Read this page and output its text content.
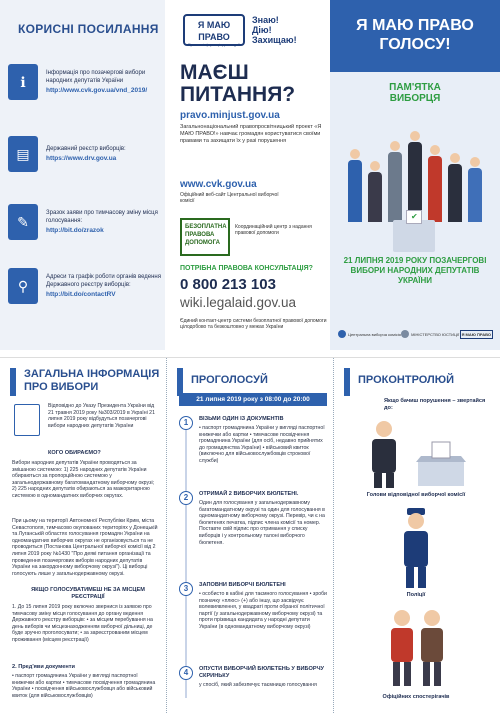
КОРИСНІ ПОСИЛАННЯ
ℹ
Інформація про позачергові вибори народних депутатів України
http://www.cvk.gov.ua/vnd_2019/
▤	Державний реєстр виборців:
https://www.drv.gov.ua
✎
Зразок заяви про тимчасову зміну місця голосування:
http://bit.do/zrazok
⚲
Адреси та графік роботи органів ведення Державного реєстру виборців:
http://bit.do/contactRV
Я МАЮ ПРАВО
Правова інформація для людей
Знаю!
Дію!
Захищаю!
МАЄШ
ПИТАННЯ?
pravo.minjust.gov.ua
Загальнонаціональний правопросвітницький проект «Я МАЮ ПРАВО!» навчає громадян користуватися своїми правами та захищати їх у разі порушення
www.cvk.gov.ua
Офіційний веб-сайт Центральної виборчої комісії
БЕЗОПЛАТНА ПРАВОВА ДОПОМОГА
Координаційний центр з надання правової допомоги
ПОТРІБНА ПРАВОВА КОНСУЛЬТАЦІЯ?
0 800 213 103
wiki.legalaid.gov.ua
Єдиний контакт-центр системи безоплатної правової допомоги цілодобово та безкоштовно у межах України
Я МАЮ ПРАВО
ГОЛОСУ!
ПАМ'ЯТКА
ВИБОРЦЯ
✔
21 ЛИПНЯ 2019 РОКУ ПОЗАЧЕРГОВІ ВИБОРИ НАРОДНИХ ДЕПУТАТІВ УКРАЇНИ
Центральна виборча комісія	МІНІСТЕРСТВО ЮСТИЦІЇ Я МАЮ ПРАВО
ЗАГАЛЬНА ІНФОРМАЦІЯ
ПРО ВИБОРИ
Відповідно до Указу Президента України від 21 травня 2019 року №303/2019 в Україні 21 липня 2019 року відбудуться позачергові вибори народних депутатів України
КОГО ОБИРАЄМО?
Вибори народних депутатів України проводяться за змішаною системою: 1) 225 народних депутатів України обираються за пропорційною системою у загальнодержавному багатомандатному виборчому окрузі; 2) 225 народних депутатів обираються за мажоритарною системою в одномандатних виборчих округах.
При цьому на території Автономної Республіки Крим, міста Севастополя, тимчасово окупованих територіях у Донецькій та Луганській областях голосування громадян України на одномандатних виборчих округах не організовується та не проводиться (Постанова Центральної виборчої комісії від 2 липня 2019 року №1430 "Про деякі питання організації та проведення позачергових виборів народних депутатів України на закордонному виборчому окрузі"). Ці виборці голосують лише у загальнодержавному окрузі.
ЯКЩО ГОЛОСУВАТИМЕШ НЕ ЗА МІСЦЕМ РЕЄСТРАЦІЇ
1. До 15 липня 2019 року включно звернися із заявою про тимчасову зміну місця голосування до органу ведення Державного реєстру виборців: • за місцем перебування на день виборів чи місцезнаходженням виборчої дільниці, де буде зручно проголосувати; • за зареєстрованим місцем проживання (місцем реєстрації)
2. Пред'яви документи
• паспорт громадянина України у вигляді паспортної книжечки або картки • тимчасове посвідчення громадянина України • посвідчення військовослужбовця або військовий квиток (для військовослужбовців)
ПРОГОЛОСУЙ
21 липня 2019 року з 08:00 до 20:00
1	ВІЗЬМИ ОДИН ІЗ ДОКУМЕНТІВ
• паспорт громадянина України у вигляді паспортної книжечки або картки • тимчасове посвідчення громадянина України (для осіб, недавно прийнятих до громадянства України) • військовий квиток (виключно для військовослужбовців строкової служби)
2	ОТРИМАЙ 2 ВИБОРЧИХ БЮЛЕТЕНІ.
Один для голосування у загальнодержавному багатомандатному окрузі та один для голосування в одномандатному виборчому окрузі. Перевір, чи є на бюлетенях печатка, підпис члена комісії та номер. Поставте свій підпис про отримання у списку виборців і у контрольному талоні виборчого бюлетеня.
3	ЗАПОВНИ ВИБОРЧІ БЮЛЕТЕНІ
• особисто в кабіні для таємного голосування • зроби позначку «плюс» (+) або іншу, що засвідчує волевиявлення, у квадраті проти обраної політичної партії (у загальнодержавному виборчому окрузі) та проти прізвища кандидата у народні депутати України (в одномандатному виборчому окрузі)
4	ОПУСТИ ВИБОРЧИЙ БЮЛЕТЕНЬ У ВИБОРЧУ СКРИНЬКУ
у спосіб, який забезпечує таємницю голосування
ПРОКОНТРОЛЮЙ
Якщо бачиш порушення – звертайся до:
Голови відповідної виборчої комісії
Поліції
Офіційних спостерігачів
